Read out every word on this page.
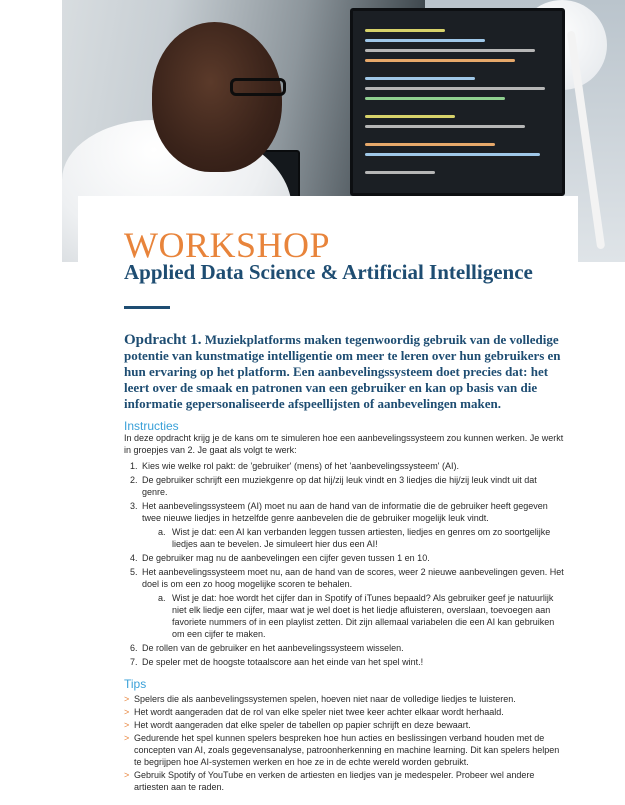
WORKSHOP
Applied Data Science & Artificial Intelligence
Opdracht 1. Muziekplatforms maken tegenwoordig gebruik van de volledige potentie van kunstmatige intelligentie om meer te leren over hun gebruikers en hun ervaring op het platform. Een aanbevelingssysteem doet precies dat: het leert over de smaak en patronen van een gebruiker en kan op basis van die informatie gepersonaliseerde afspeellijsten of aanbevelingen maken.
Instructies
In deze opdracht krijg je de kans om te simuleren hoe een aanbevelingssysteem zou kunnen werken. Je werkt in groepjes van 2. Je gaat als volgt te werk:
1. Kies wie welke rol pakt: de 'gebruiker' (mens) of het 'aanbevelingssysteem' (AI).
2. De gebruiker schrijft een muziekgenre op dat hij/zij leuk vindt en 3 liedjes die hij/zij leuk vindt uit dat genre.
3. Het aanbevelingssysteem (AI) moet nu aan de hand van de informatie die de gebruiker heeft gegeven twee nieuwe liedjes in hetzelfde genre aanbevelen die de gebruiker mogelijk leuk vindt.
a. Wist je dat: een AI kan verbanden leggen tussen artiesten, liedjes en genres om zo soortgelijke liedjes aan te bevelen. Je simuleert hier dus een AI!
4. De gebruiker mag nu de aanbevelingen een cijfer geven tussen 1 en 10.
5. Het aanbevelingssysteem moet nu, aan de hand van de scores, weer 2 nieuwe aanbevelingen geven. Het doel is om een zo hoog mogelijke scoren te behalen.
a. Wist je dat: hoe wordt het cijfer dan in Spotify of iTunes bepaald? Als gebruiker geef je natuurlijk niet elk liedje een cijfer, maar wat je wel doet is het liedje afluisteren, overslaan, toevoegen aan favoriete nummers of in een playlist zetten. Dit zijn allemaal variabelen die een AI kan gebruiken om een cijfer te maken.
6. De rollen van de gebruiker en het aanbevelingssysteem wisselen.
7. De speler met de hoogste totaalscore aan het einde van het spel wint.!
Tips
> Spelers die als aanbevelingssystemen spelen, hoeven niet naar de volledige liedjes te luisteren.
> Het wordt aangeraden dat de rol van elke speler niet twee keer achter elkaar wordt herhaald.
> Het wordt aangeraden dat elke speler de tabellen op papier schrijft en deze bewaart.
> Gedurende het spel kunnen spelers bespreken hoe hun acties en beslissingen verband houden met de concepten van AI, zoals gegevensanalyse, patroonherkenning en machine learning. Dit kan spelers helpen te begrijpen hoe AI-systemen werken en hoe ze in de echte wereld worden gebruikt.
> Gebruik Spotify of YouTube en verken de artiesten en liedjes van je medespeler. Probeer wel andere artiesten aan te raden.
